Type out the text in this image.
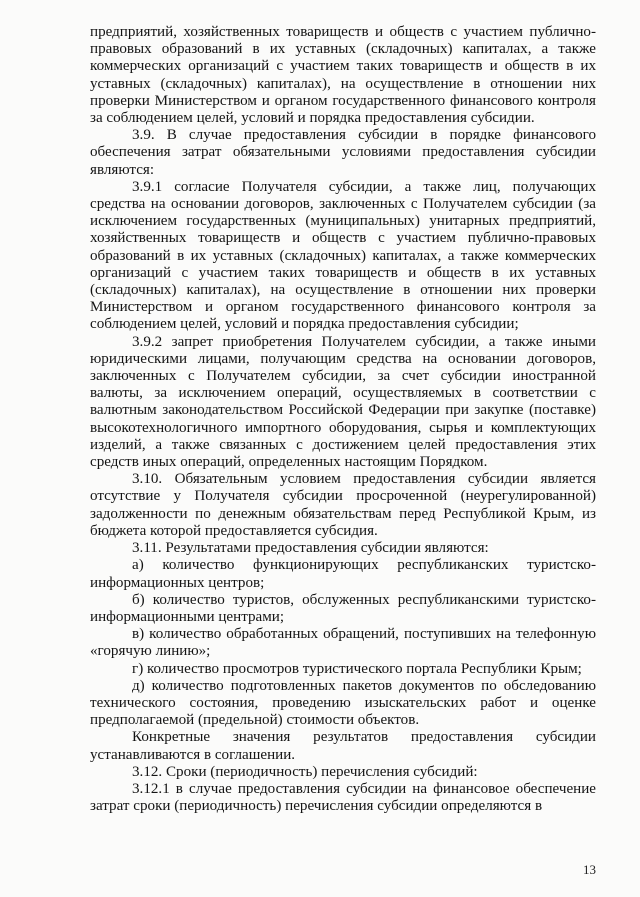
предприятий, хозяйственных товариществ и обществ с участием публично-правовых образований в их уставных (складочных) капиталах, а также коммерческих организаций с участием таких товариществ и обществ в их уставных (складочных) капиталах), на осуществление в отношении них проверки Министерством и органом государственного финансового контроля за соблюдением целей, условий и порядка предоставления субсидии.

3.9. В случае предоставления субсидии в порядке финансового обеспечения затрат обязательными условиями предоставления субсидии являются:

3.9.1 согласие Получателя субсидии, а также лиц, получающих средства на основании договоров, заключенных с Получателем субсидии (за исключением государственных (муниципальных) унитарных предприятий, хозяйственных товариществ и обществ с участием публично-правовых образований в их уставных (складочных) капиталах, а также коммерческих организаций с участием таких товариществ и обществ в их уставных (складочных) капиталах), на осуществление в отношении них проверки Министерством и органом государственного финансового контроля за соблюдением целей, условий и порядка предоставления субсидии;

3.9.2 запрет приобретения Получателем субсидии, а также иными юридическими лицами, получающим средства на основании договоров, заключенных с Получателем субсидии, за счет субсидии иностранной валюты, за исключением операций, осуществляемых в соответствии с валютным законодательством Российской Федерации при закупке (поставке) высокотехнологичного импортного оборудования, сырья и комплектующих изделий, а также связанных с достижением целей предоставления этих средств иных операций, определенных настоящим Порядком.

3.10. Обязательным условием предоставления субсидии является отсутствие у Получателя субсидии просроченной (неурегулированной) задолженности по денежным обязательствам перед Республикой Крым, из бюджета которой предоставляется субсидия.

3.11. Результатами предоставления субсидии являются:

а) количество функционирующих республиканских туристско-информационных центров;

б) количество туристов, обслуженных республиканскими туристско-информационными центрами;

в) количество обработанных обращений, поступивших на телефонную «горячую линию»;

г) количество просмотров туристического портала Республики Крым;

д) количество подготовленных пакетов документов по обследованию технического состояния, проведению изыскательских работ и оценке предполагаемой (предельной) стоимости объектов.

Конкретные значения результатов предоставления субсидии устанавливаются в соглашении.

3.12. Сроки (периодичность) перечисления субсидий:

3.12.1 в случае предоставления субсидии на финансовое обеспечение затрат сроки (периодичность) перечисления субсидии определяются в

13
